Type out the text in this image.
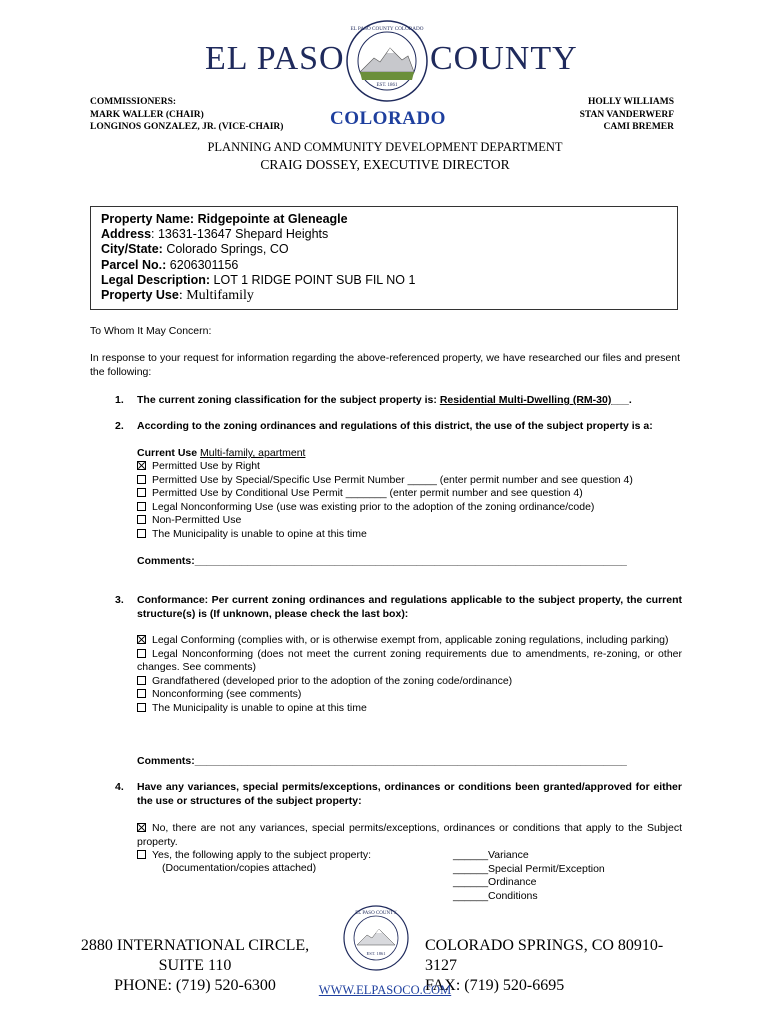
EL PASO	COUNTY
EST. 1861
EL PASO COUNTY COLORADO
COLORADO
COMMISSIONERS:
MARK WALLER (CHAIR)
LONGINOS GONZALEZ, JR. (VICE-CHAIR)
HOLLY WILLIAMS
STAN VANDERWERF
CAMI BREMER
PLANNING AND COMMUNITY DEVELOPMENT DEPARTMENT
CRAIG DOSSEY, EXECUTIVE DIRECTOR
Property Name: Ridgepointe at Gleneagle
Address: 13631-13647 Shepard Heights
City/State: Colorado Springs, CO
Parcel No.: 6206301156
Legal Description: LOT 1 RIDGE POINT SUB FIL NO 1
Property Use: Multifamily
To Whom It May Concern:
In response to your request for information regarding the above-referenced property, we have researched our files and present the following:
1. The current zoning classification for the subject property is: Residential Multi-Dwelling (RM-30)___.
2. According to the zoning ordinances and regulations of this district, the use of the subject property is a:
Current Use Multi-family, apartment
Permitted Use by Right
Permitted Use by Special/Specific Use Permit Number _____ (enter permit number and see question 4)
Permitted Use by Conditional Use Permit _______ (enter permit number and see question 4)
Legal Nonconforming Use (use was existing prior to the adoption of the zoning ordinance/code)
Non-Permitted Use
The Municipality is unable to opine at this time
Comments:__________________________________________________________________________
3. Conformance: Per current zoning ordinances and regulations applicable to the subject property, the current structure(s) is (If unknown, please check the last box):
Legal Conforming (complies with, or is otherwise exempt from, applicable zoning regulations, including parking)
Legal Nonconforming (does not meet the current zoning requirements due to amendments, re-zoning, or other changes. See comments)
Grandfathered (developed prior to the adoption of the zoning code/ordinance)
Nonconforming (see comments)
The Municipality is unable to opine at this time
Comments:__________________________________________________________________________
4. Have any variances, special permits/exceptions, ordinances or conditions been granted/approved for either the use or structures of the subject property:
No, there are not any variances, special permits/exceptions, ordinances or conditions that apply to the Subject property.
Yes, the following apply to the subject property:
(Documentation/copies attached)
______Variance
______Special Permit/Exception
______Ordinance
______Conditions
2880 INTERNATIONAL CIRCLE, SUITE 110
PHONE: (719) 520-6300
EL PASO COUNTY
EST. 1861 COLORADO SPRINGS, CO 80910-3127
FAX: (719) 520-6695
WWW.ELPASOCO.COM
